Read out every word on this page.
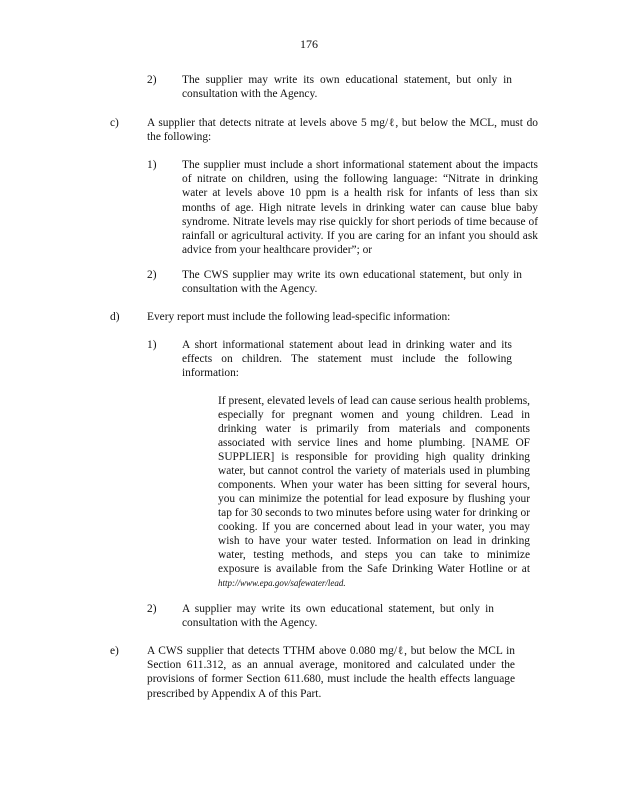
176
2) The supplier may write its own educational statement, but only in consultation with the Agency.
c) A supplier that detects nitrate at levels above 5 mg/ℓ, but below the MCL, must do the following:
1) The supplier must include a short informational statement about the impacts of nitrate on children, using the following language: “Nitrate in drinking water at levels above 10 ppm is a health risk for infants of less than six months of age. High nitrate levels in drinking water can cause blue baby syndrome. Nitrate levels may rise quickly for short periods of time because of rainfall or agricultural activity. If you are caring for an infant you should ask advice from your healthcare provider”; or
2) The CWS supplier may write its own educational statement, but only in consultation with the Agency.
d) Every report must include the following lead-specific information:
1) A short informational statement about lead in drinking water and its effects on children. The statement must include the following information:
If present, elevated levels of lead can cause serious health problems, especially for pregnant women and young children. Lead in drinking water is primarily from materials and components associated with service lines and home plumbing. [NAME OF SUPPLIER] is responsible for providing high quality drinking water, but cannot control the variety of materials used in plumbing components. When your water has been sitting for several hours, you can minimize the potential for lead exposure by flushing your tap for 30 seconds to two minutes before using water for drinking or cooking. If you are concerned about lead in your water, you may wish to have your water tested. Information on lead in drinking water, testing methods, and steps you can take to minimize exposure is available from the Safe Drinking Water Hotline or at http://www.epa.gov/safewater/lead.
2) A supplier may write its own educational statement, but only in consultation with the Agency.
e) A CWS supplier that detects TTHM above 0.080 mg/ℓ, but below the MCL in Section 611.312, as an annual average, monitored and calculated under the provisions of former Section 611.680, must include the health effects language prescribed by Appendix A of this Part.
